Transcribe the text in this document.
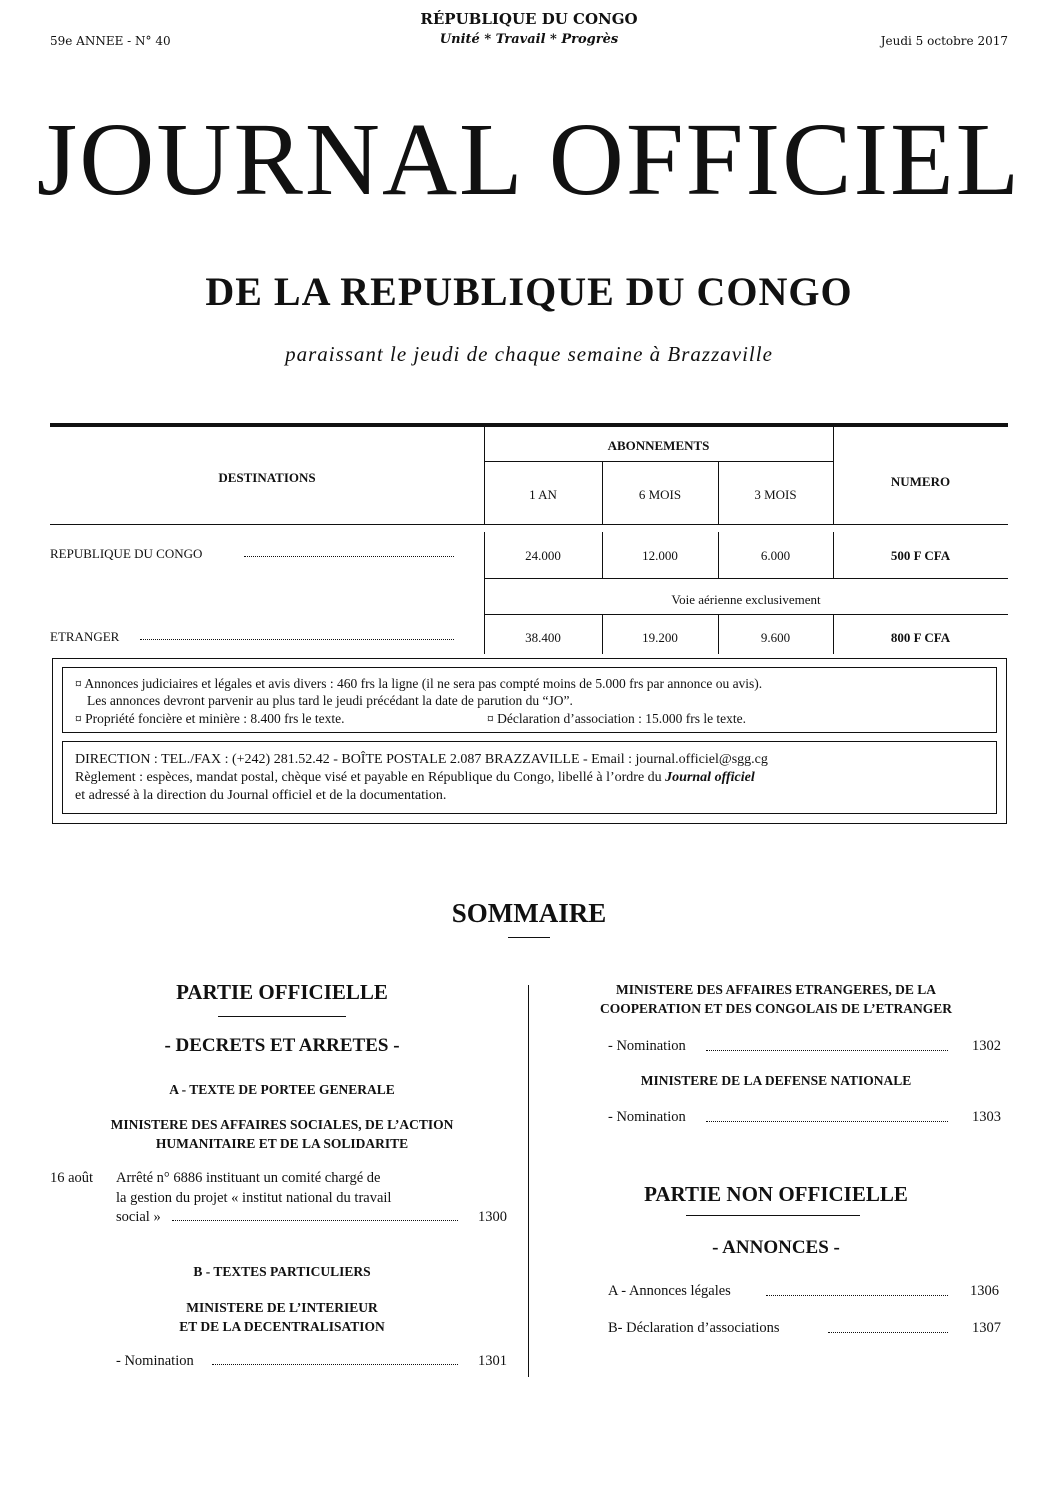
59e ANNEE - N° 40
RÉPUBLIQUE DU CONGO
Unité * Travail * Progrès	Jeudi 5 octobre 2017
JOURNAL OFFICIEL
DE LA REPUBLIQUE DU CONGO
paraissant le jeudi de chaque semaine à Brazzaville
DESTINATIONS
ABONNEMENTS
NUMERO
1 AN	6 MOIS	3 MOIS
REPUBLIQUE DU CONGO	24.000	12.000	6.000	500 F CFA
Voie aérienne exclusivement
ETRANGER	38.400	19.200	9.600	800 F CFA
¤ Annonces judiciaires et légales et avis divers : 460 frs la ligne (il ne sera pas compté moins de 5.000 frs par annonce ou avis).
Les annonces devront parvenir au plus tard le jeudi précédant la date de parution du “JO”.
¤ Propriété foncière et minière : 8.400 frs le texte.	¤ Déclaration d’association : 15.000 frs le texte.
DIRECTION : TEL./FAX : (+242) 281.52.42 - BOÎTE POSTALE 2.087 BRAZZAVILLE - Email : journal.officiel@sgg.cg
Règlement : espèces, mandat postal, chèque visé et payable en République du Congo, libellé à l’ordre du Journal officiel
et adressé à la direction du Journal officiel et de la documentation.
SOMMAIRE
PARTIE OFFICIELLE
- DECRETS ET ARRETES -
A - TEXTE DE PORTEE GENERALE
MINISTERE DES AFFAIRES SOCIALES, DE L’ACTION
HUMANITAIRE ET DE LA SOLIDARITE
16 août Arrêté n° 6886 instituant un comité chargé de
la gestion du projet « institut national du travail
social »	1300
B - TEXTES PARTICULIERS
MINISTERE DE L’INTERIEUR
ET DE LA DECENTRALISATION
- Nomination	1301
MINISTERE DES AFFAIRES ETRANGERES, DE LA
COOPERATION ET DES CONGOLAIS DE L’ETRANGER
- Nomination	1302
MINISTERE DE LA DEFENSE NATIONALE
- Nomination	1303
PARTIE NON OFFICIELLE
- ANNONCES -
A - Annonces légales	1306
B- Déclaration d’associations	1307
